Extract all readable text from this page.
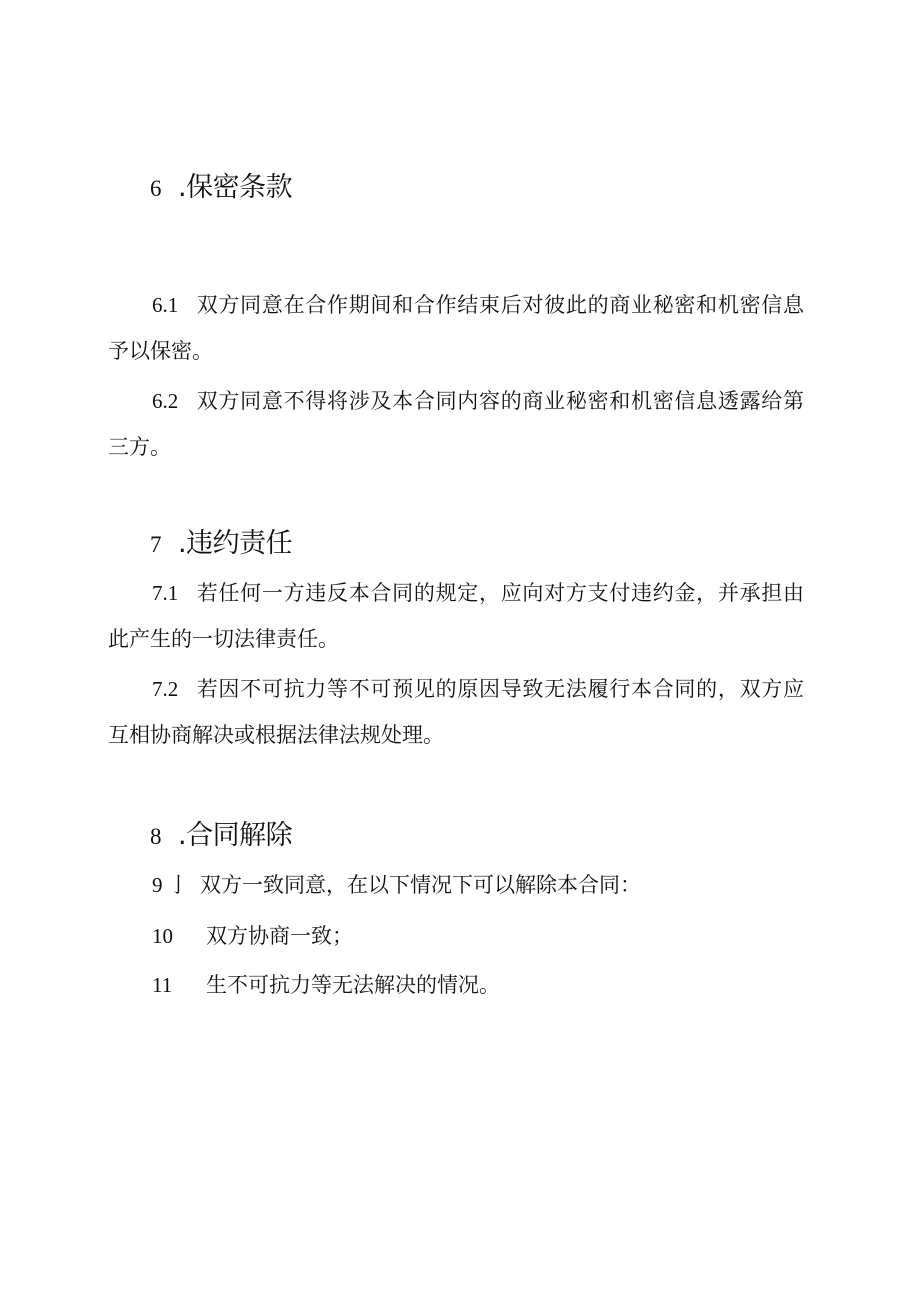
6 .保密条款
6.1 双方同意在合作期间和合作结束后对彼此的商业秘密和机密信息予以保密。
6.2 双方同意不得将涉及本合同内容的商业秘密和机密信息透露给第三方。
7 .违约责任
7.1 若任何一方违反本合同的规定，应向对方支付违约金，并承担由此产生的一切法律责任。
7.2 若因不可抗力等不可预见的原因导致无法履行本合同的，双方应互相协商解决或根据法律法规处理。
8 .合同解除
9 亅 双方一致同意，在以下情况下可以解除本合同：
10 双方协商一致；
11 生不可抗力等无法解决的情况。
